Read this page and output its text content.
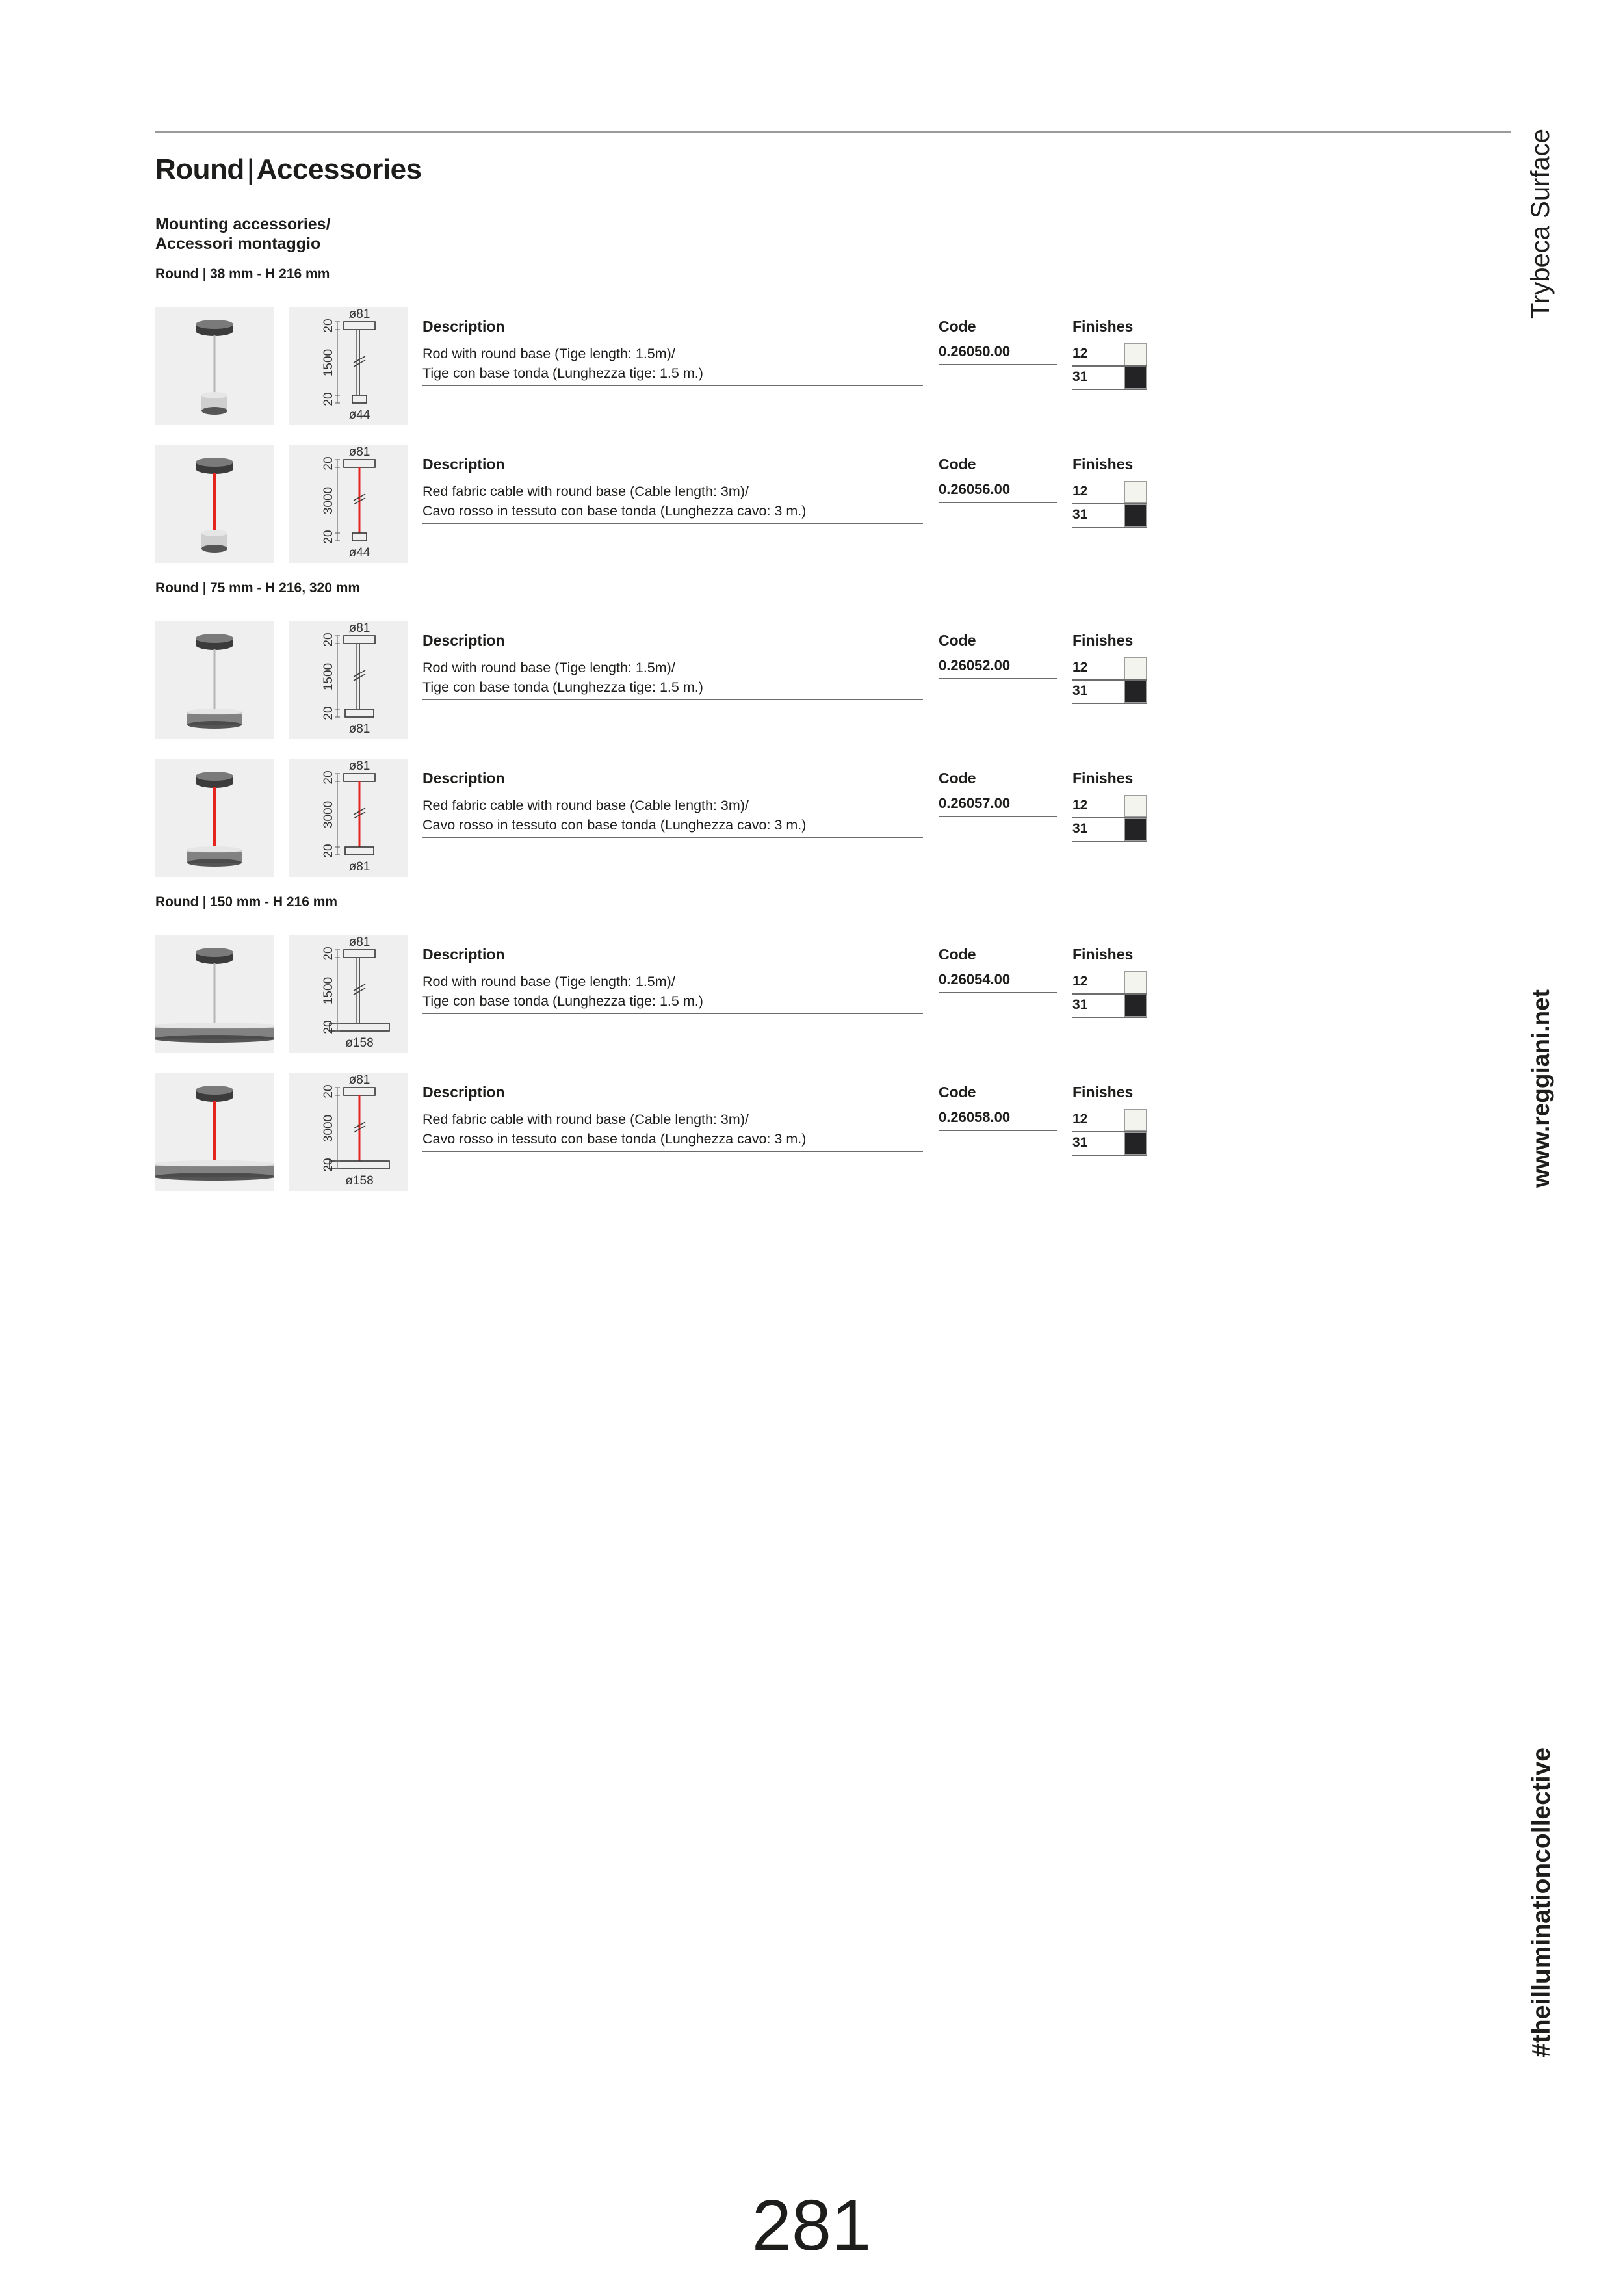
Round|Accessories
Mounting accessories/
Accessori montaggio
Round | 38 mm - H 216 mm
Round | 75 mm - H 216, 320 mm
Round | 150 mm - H 216 mm
ø81
ø44
20
1500
20
Description
Rod with round base (Tige length: 1.5m)/
Tige con base tonda (Lunghezza tige: 1.5 m.)
Code
0.26050.00
Finishes
12
31
ø81
ø44
20
3000
20
Description
Red fabric cable with round base (Cable length: 3m)/
Cavo rosso in tessuto con base tonda (Lunghezza cavo: 3 m.)
Code
0.26056.00
Finishes
12
31
ø81
ø81
20
1500
20
Description
Rod with round base (Tige length: 1.5m)/
Tige con base tonda (Lunghezza tige: 1.5 m.)
Code
0.26052.00
Finishes
12
31
ø81
ø81
20
3000
20
Description
Red fabric cable with round base (Cable length: 3m)/
Cavo rosso in tessuto con base tonda (Lunghezza cavo: 3 m.)
Code
0.26057.00
Finishes
12
31
ø81
ø158
20
1500
20
Description
Rod with round base (Tige length: 1.5m)/
Tige con base tonda (Lunghezza tige: 1.5 m.)
Code
0.26054.00
Finishes
12
31
ø81
ø158
20
3000
20
Description
Red fabric cable with round base (Cable length: 3m)/
Cavo rosso in tessuto con base tonda (Lunghezza cavo: 3 m.)
Code
0.26058.00
Finishes
12
31
Trybeca Surface
www.reggiani.net
#theilluminationcollective
281
